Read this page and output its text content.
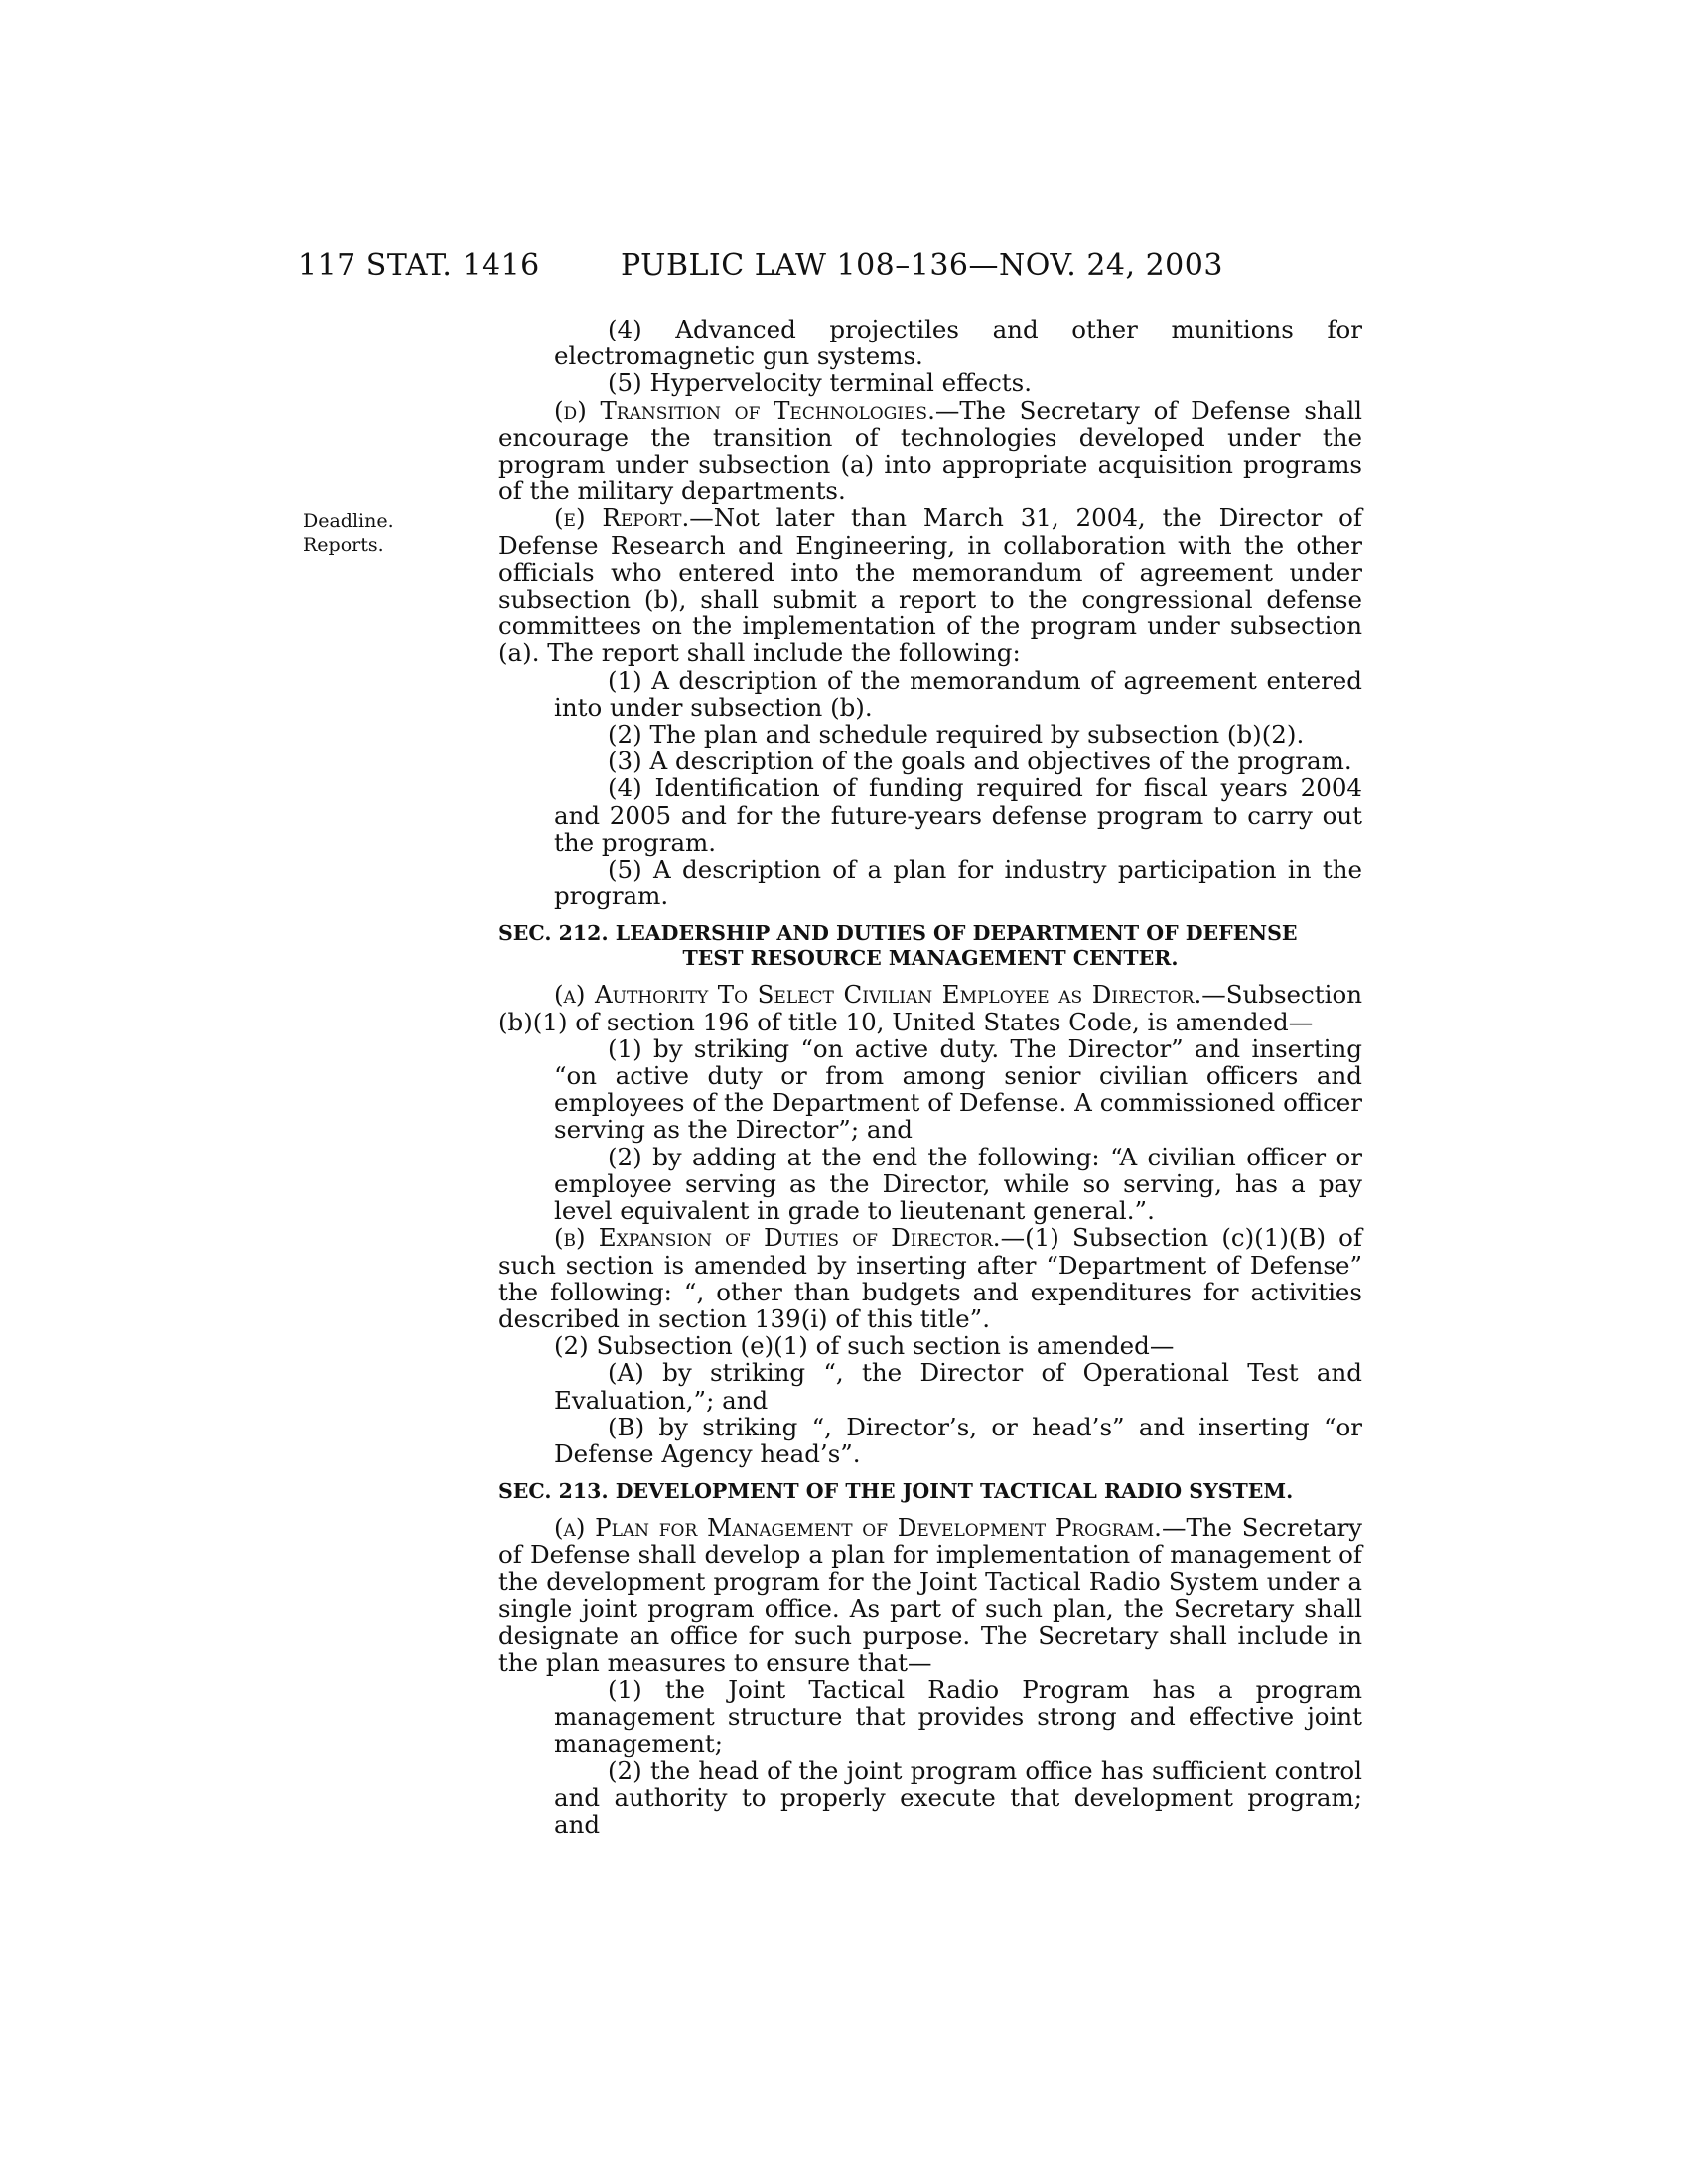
117 STAT. 1416	PUBLIC LAW 108–136—NOV. 24, 2003
Deadline.
Reports.

(4) Advanced projectiles and other munitions for electromagnetic gun systems.

(5) Hypervelocity terminal effects.

(d) Transition of Technologies.—The Secretary of Defense shall encourage the transition of technologies developed under the program under subsection (a) into appropriate acquisition programs of the military departments.

(e) Report.—Not later than March 31, 2004, the Director of Defense Research and Engineering, in collaboration with the other officials who entered into the memorandum of agreement under subsection (b), shall submit a report to the congressional defense committees on the implementation of the program under subsection (a). The report shall include the following:

(1) A description of the memorandum of agreement entered into under subsection (b).

(2) The plan and schedule required by subsection (b)(2).

(3) A description of the goals and objectives of the program.

(4) Identification of funding required for fiscal years 2004 and 2005 and for the future-years defense program to carry out the program.

(5) A description of a plan for industry participation in the program.

SEC. 212. LEADERSHIP AND DUTIES OF DEPARTMENT OF DEFENSE
TEST RESOURCE MANAGEMENT CENTER.

(a) Authority To Select Civilian Employee as Director.—Subsection (b)(1) of section 196 of title 10, United States Code, is amended—

(1) by striking “on active duty. The Director” and inserting “on active duty or from among senior civilian officers and employees of the Department of Defense. A commissioned officer serving as the Director”; and

(2) by adding at the end the following: “A civilian officer or employee serving as the Director, while so serving, has a pay level equivalent in grade to lieutenant general.”.

(b) Expansion of Duties of Director.—(1) Subsection (c)(1)(B) of such section is amended by inserting after “Department of Defense” the following: “, other than budgets and expenditures for activities described in section 139(i) of this title”.

(2) Subsection (e)(1) of such section is amended—

(A) by striking “, the Director of Operational Test and Evaluation,”; and

(B) by striking “, Director’s, or head’s” and inserting “or Defense Agency head’s”.

SEC. 213. DEVELOPMENT OF THE JOINT TACTICAL RADIO SYSTEM.

(a) Plan for Management of Development Program.—The Secretary of Defense shall develop a plan for implementation of management of the development program for the Joint Tactical Radio System under a single joint program office. As part of such plan, the Secretary shall designate an office for such purpose. The Secretary shall include in the plan measures to ensure that—

(1) the Joint Tactical Radio Program has a program management structure that provides strong and effective joint management;

(2) the head of the joint program office has sufficient control and authority to properly execute that development program; and
